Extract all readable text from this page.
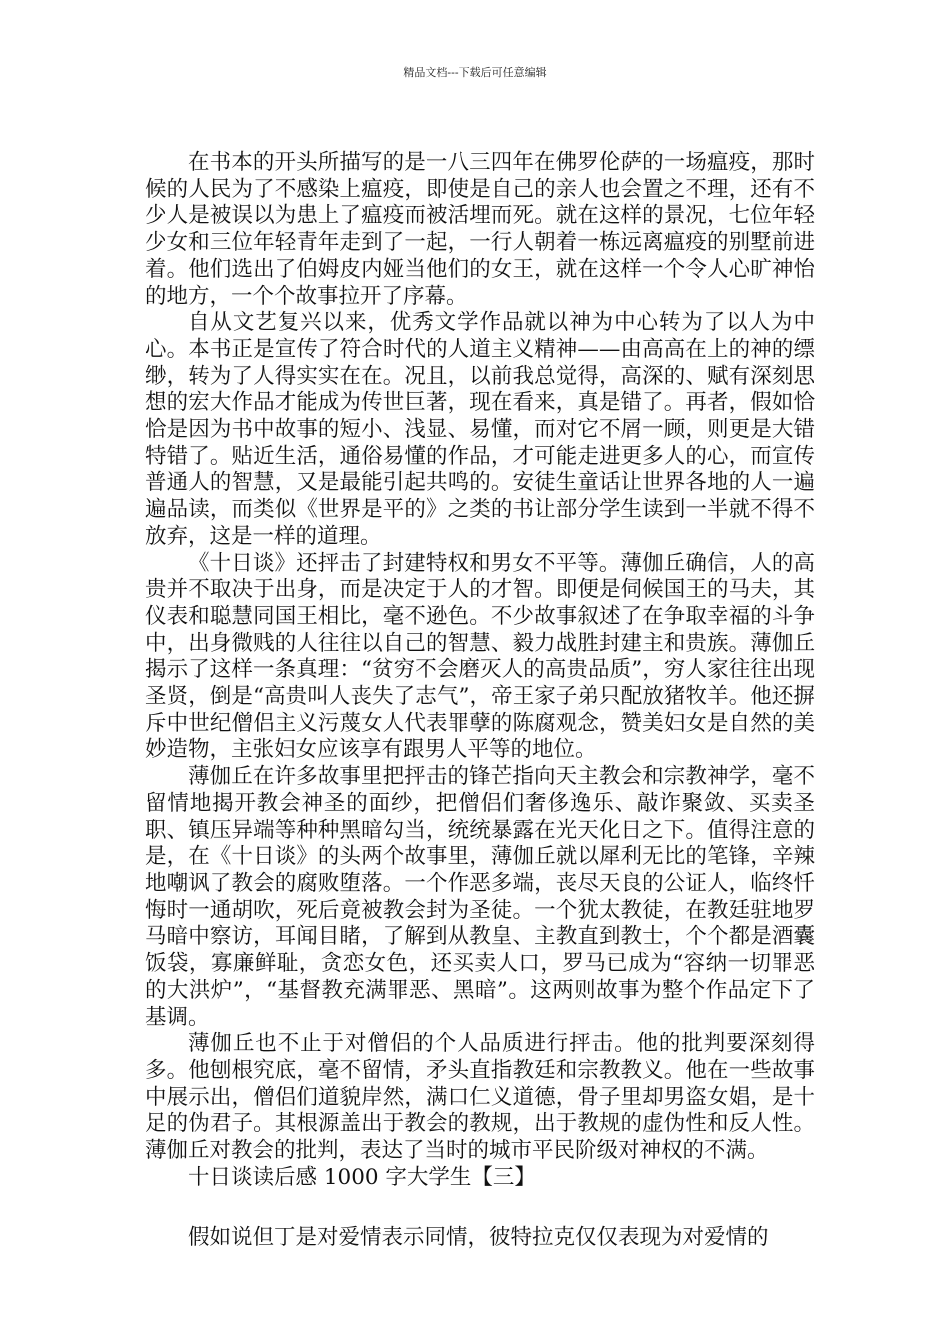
精品文档---下载后可任意编辑

在书本的开头所描写的是一八三四年在佛罗伦萨的一场瘟疫，那时候的人民为了不感染上瘟疫，即使是自己的亲人也会置之不理，还有不少人是被误以为患上了瘟疫而被活埋而死。就在这样的景况，七位年轻少女和三位年轻青年走到了一起，一行人朝着一栋远离瘟疫的别墅前进着。他们选出了伯姆皮内娅当他们的女王，就在这样一个令人心旷神怡的地方，一个个故事拉开了序幕。

自从文艺复兴以来，优秀文学作品就以神为中心转为了以人为中心。本书正是宣传了符合时代的人道主义精神——由高高在上的神的缥缈，转为了人得实实在在。况且，以前我总觉得，高深的、赋有深刻思想的宏大作品才能成为传世巨著，现在看来，真是错了。再者，假如恰恰是因为书中故事的短小、浅显、易懂，而对它不屑一顾，则更是大错特错了。贴近生活，通俗易懂的作品，才可能走进更多人的心，而宣传普通人的智慧，又是最能引起共鸣的。安徒生童话让世界各地的人一遍遍品读，而类似《世界是平的》之类的书让部分学生读到一半就不得不放弃，这是一样的道理。

《十日谈》还抨击了封建特权和男女不平等。薄伽丘确信，人的高贵并不取决于出身，而是决定于人的才智。即便是伺候国王的马夫，其仪表和聪慧同国王相比，毫不逊色。不少故事叙述了在争取幸福的斗争中，出身微贱的人往往以自己的智慧、毅力战胜封建主和贵族。薄伽丘揭示了这样一条真理：“贫穷不会磨灭人的高贵品质”，穷人家往往出现圣贤，倒是“高贵叫人丧失了志气”，帝王家子弟只配放猪牧羊。他还摒斥中世纪僧侣主义污蔑女人代表罪孽的陈腐观念，赞美妇女是自然的美妙造物，主张妇女应该享有跟男人平等的地位。

薄伽丘在许多故事里把抨击的锋芒指向天主教会和宗教神学，毫不留情地揭开教会神圣的面纱，把僧侣们奢侈逸乐、敲诈聚敛、买卖圣职、镇压异端等种种黑暗勾当，统统暴露在光天化日之下。值得注意的是，在《十日谈》的头两个故事里，薄伽丘就以犀利无比的笔锋，辛辣地嘲讽了教会的腐败堕落。一个作恶多端，丧尽天良的公证人，临终忏悔时一通胡吹，死后竟被教会封为圣徒。一个犹太教徒，在教廷驻地罗马暗中察访，耳闻目睹，了解到从教皇、主教直到教士，个个都是酒囊饭袋，寡廉鲜耻，贪恋女色，还买卖人口，罗马已成为“容纳一切罪恶的大洪炉”，“基督教充满罪恶、黑暗”。这两则故事为整个作品定下了基调。

薄伽丘也不止于对僧侣的个人品质进行抨击。他的批判要深刻得多。他刨根究底，毫不留情，矛头直指教廷和宗教教义。他在一些故事中展示出，僧侣们道貌岸然，满口仁义道德，骨子里却男盗女娼，是十足的伪君子。其根源盖出于教会的教规，出于教规的虚伪性和反人性。薄伽丘对教会的批判，表达了当时的城市平民阶级对神权的不满。

十日谈读后感 1000 字大学生【三】

假如说但丁是对爱情表示同情，彼特拉克仅仅表现为对爱情的
